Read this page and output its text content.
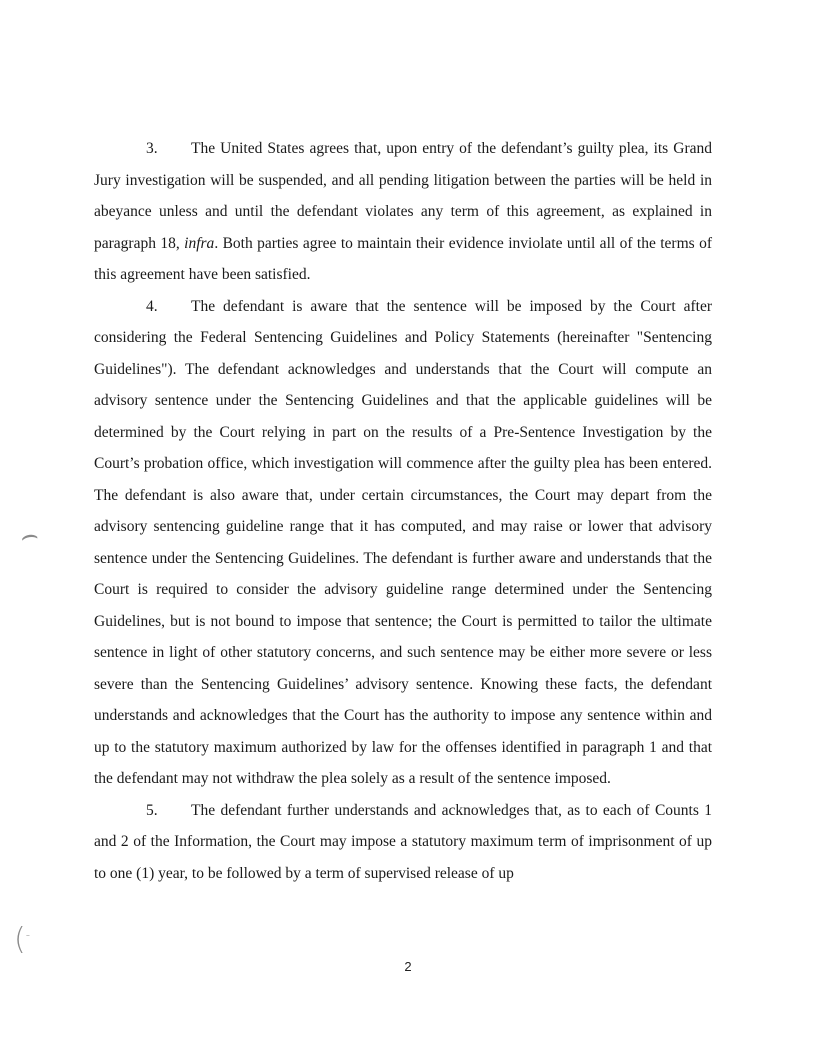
3. The United States agrees that, upon entry of the defendant’s guilty plea, its Grand Jury investigation will be suspended, and all pending litigation between the parties will be held in abeyance unless and until the defendant violates any term of this agreement, as explained in paragraph 18, infra. Both parties agree to maintain their evidence inviolate until all of the terms of this agreement have been satisfied.

4. The defendant is aware that the sentence will be imposed by the Court after considering the Federal Sentencing Guidelines and Policy Statements (hereinafter "Sentencing Guidelines"). The defendant acknowledges and understands that the Court will compute an advisory sentence under the Sentencing Guidelines and that the applicable guidelines will be determined by the Court relying in part on the results of a Pre-Sentence Investigation by the Court’s probation office, which investigation will commence after the guilty plea has been entered. The defendant is also aware that, under certain circumstances, the Court may depart from the advisory sentencing guideline range that it has computed, and may raise or lower that advisory sentence under the Sentencing Guidelines. The defendant is further aware and understands that the Court is required to consider the advisory guideline range determined under the Sentencing Guidelines, but is not bound to impose that sentence; the Court is permitted to tailor the ultimate sentence in light of other statutory concerns, and such sentence may be either more severe or less severe than the Sentencing Guidelines’ advisory sentence. Knowing these facts, the defendant understands and acknowledges that the Court has the authority to impose any sentence within and up to the statutory maximum authorized by law for the offenses identified in paragraph 1 and that the defendant may not withdraw the plea solely as a result of the sentence imposed.

5. The defendant further understands and acknowledges that, as to each of Counts 1 and 2 of the Information, the Court may impose a statutory maximum term of imprisonment of up to one (1) year, to be followed by a term of supervised release of up

2
⌢
(-
